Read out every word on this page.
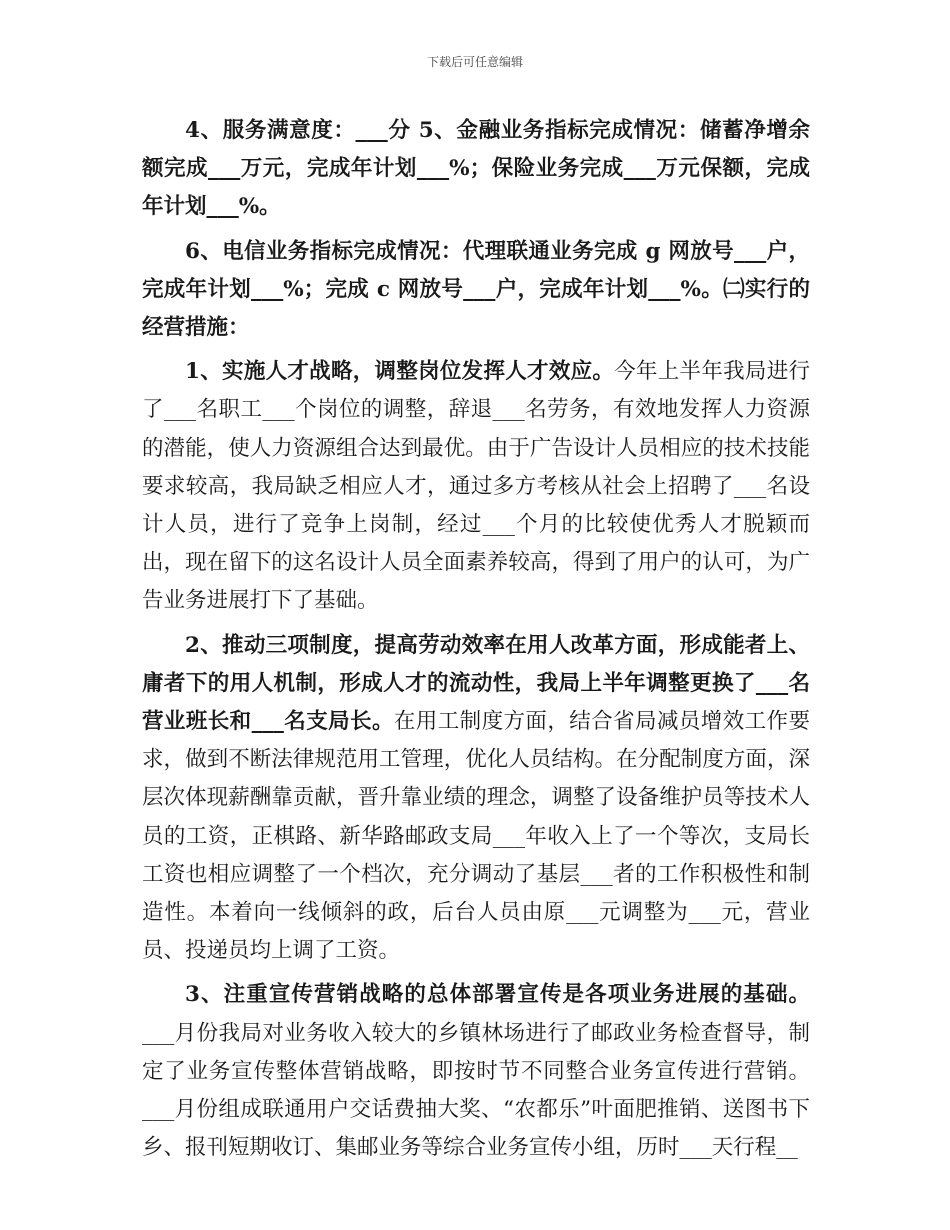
下载后可任意编辑

4、服务满意度：___分 5、金融业务指标完成情况：储蓄净增余额完成___万元，完成年计划___%；保险业务完成___万元保额，完成年计划___%。

6、电信业务指标完成情况：代理联通业务完成 g 网放号___户，完成年计划___%；完成 c 网放号___户，完成年计划___%。㈡实行的经营措施：

1、实施人才战略，调整岗位发挥人才效应。今年上半年我局进行了___名职工___个岗位的调整，辞退___名劳务，有效地发挥人力资源的潜能，使人力资源组合达到最优。由于广告设计人员相应的技术技能要求较高，我局缺乏相应人才，通过多方考核从社会上招聘了___名设计人员，进行了竞争上岗制，经过___个月的比较使优秀人才脱颖而出，现在留下的这名设计人员全面素养较高，得到了用户的认可，为广告业务进展打下了基础。

2、推动三项制度，提高劳动效率在用人改革方面，形成能者上、庸者下的用人机制，形成人才的流动性，我局上半年调整更换了___名营业班长和___名支局长。在用工制度方面，结合省局减员增效工作要求，做到不断法律规范用工管理，优化人员结构。在分配制度方面，深层次体现薪酬靠贡献，晋升靠业绩的理念，调整了设备维护员等技术人员的工资，正棋路、新华路邮政支局___年收入上了一个等次，支局长工资也相应调整了一个档次，充分调动了基层___者的工作积极性和制造性。本着向一线倾斜的政，后台人员由原___元调整为___元，营业员、投递员均上调了工资。

3、注重宣传营销战略的总体部署宣传是各项业务进展的基础。___月份我局对业务收入较大的乡镇林场进行了邮政业务检查督导，制定了业务宣传整体营销战略，即按时节不同整合业务宣传进行营销。___月份组成联通用户交话费抽大奖、“农都乐”叶面肥推销、送图书下乡、报刊短期收订、集邮业务等综合业务宣传小组，历时___天行程__
